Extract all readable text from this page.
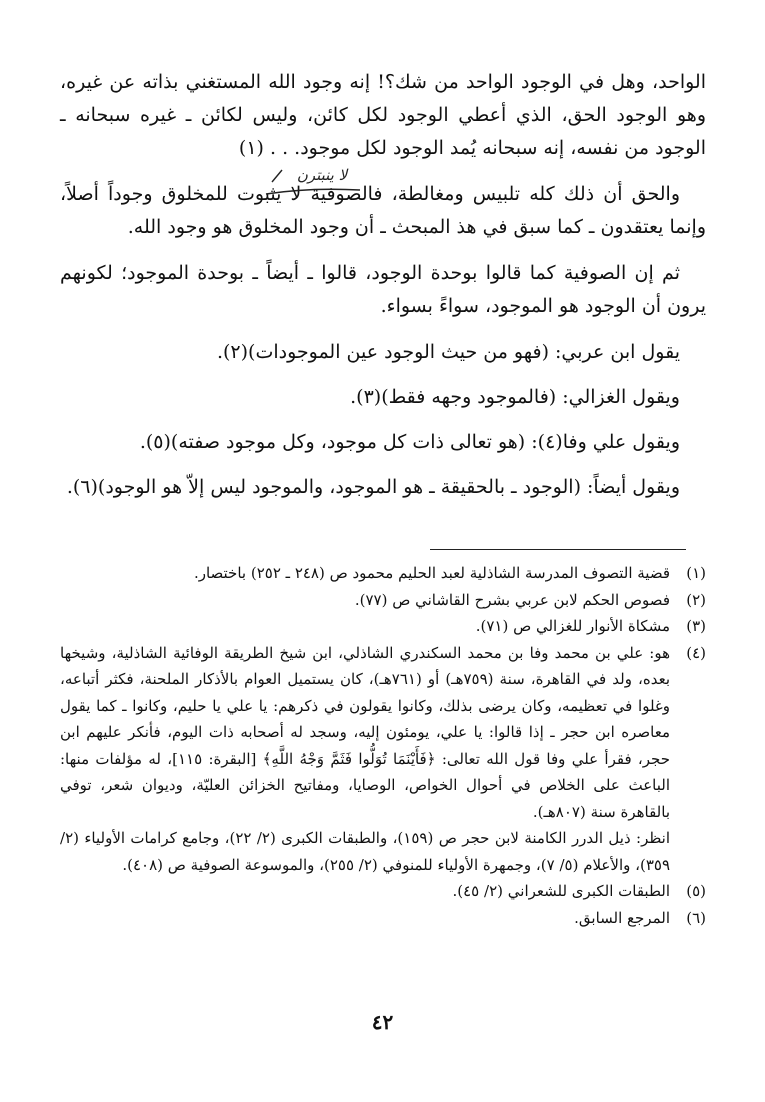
الواحد، وهل في الوجود الواحد من شك؟! إنه وجود الله المستغني بذاته عن غيره، وهو الوجود الحق، الذي أعطي الوجود لكل كائن، وليس لكائن ـ غيره سبحانه ـ الوجود من نفسه، إنه سبحانه يُمد الوجود لكل موجود. . . (١)

والحق أن ذلك كله تلبيس ومغالطة، فالصوفية لا يثبوت للمخلوق وجوداً أصلاً، وإنما يعتقدون ـ كما سبق في هذ المبحث ـ أن وجود المخلوق هو وجود الله.

ثم إن الصوفية كما قالوا بوحدة الوجود، قالوا ـ أيضاً ـ بوحدة الموجود؛ لكونهم يرون أن الوجود هو الموجود، سواءً بسواء.

يقول ابن عربي: (فهو من حيث الوجود عين الموجودات)(٢).

ويقول الغزالي: (فالموجود وجهه فقط)(٣).

ويقول علي وفا(٤): (هو تعالى ذات كل موجود، وكل موجود صفته)(٥).

ويقول أيضاً: (الوجود ـ بالحقيقة ـ هو الموجود، والموجود ليس إلاّ هو الوجود)(٦).

لا ينبترن
(١)
قضية التصوف المدرسة الشاذلية لعبد الحليم محمود ص (٢٤٨ ـ ٢٥٢) باختصار.
(٢)
فصوص الحكم لابن عربي بشرح القاشاني ص (٧٧).
(٣)
مشكاة الأنوار للغزالي ص (٧١).
(٤)
هو: علي بن محمد وفا بن محمد السكندري الشاذلي، ابن شيخ الطريقة الوفائية الشاذلية، وشيخها بعده، ولد في القاهرة، سنة (٧٥٩هـ) أو (٧٦١هـ)، كان يستميل العوام بالأذكار الملحنة، فكثر أتباعه، وغلوا في تعظيمه، وكان يرضى بذلك، وكانوا يقولون في ذكرهم: يا علي يا حليم، وكانوا ـ كما يقول معاصره ابن حجر ـ إذا قالوا: يا علي، يومئون إليه، وسجد له أصحابه ذات اليوم، فأنكر عليهم ابن حجر، فقرأ علي وفا قول الله تعالى: ﴿فَأَيْنَمَا تُوَلُّوا فَثَمَّ وَجْهُ اللَّهِ﴾ [البقرة: ١١٥]، له مؤلفات منها: الباعث على الخلاص في أحوال الخواص، الوصايا، ومفاتيح الخزائن العليّة، وديوان شعر، توفي بالقاهرة سنة (٨٠٧هـ).
انظر: ذيل الدرر الكامنة لابن حجر ص (١٥٩)، والطبقات الكبرى (٢/ ٢٢)، وجامع كرامات الأولياء (٢/ ٣٥٩)، والأعلام (٥/ ٧)، وجمهرة الأولياء للمنوفي (٢/ ٢٥٥)، والموسوعة الصوفية ص (٤٠٨).
(٥)
الطبقات الكبرى للشعراني (٢/ ٤٥).
(٦)
المرجع السابق.
٤٢
